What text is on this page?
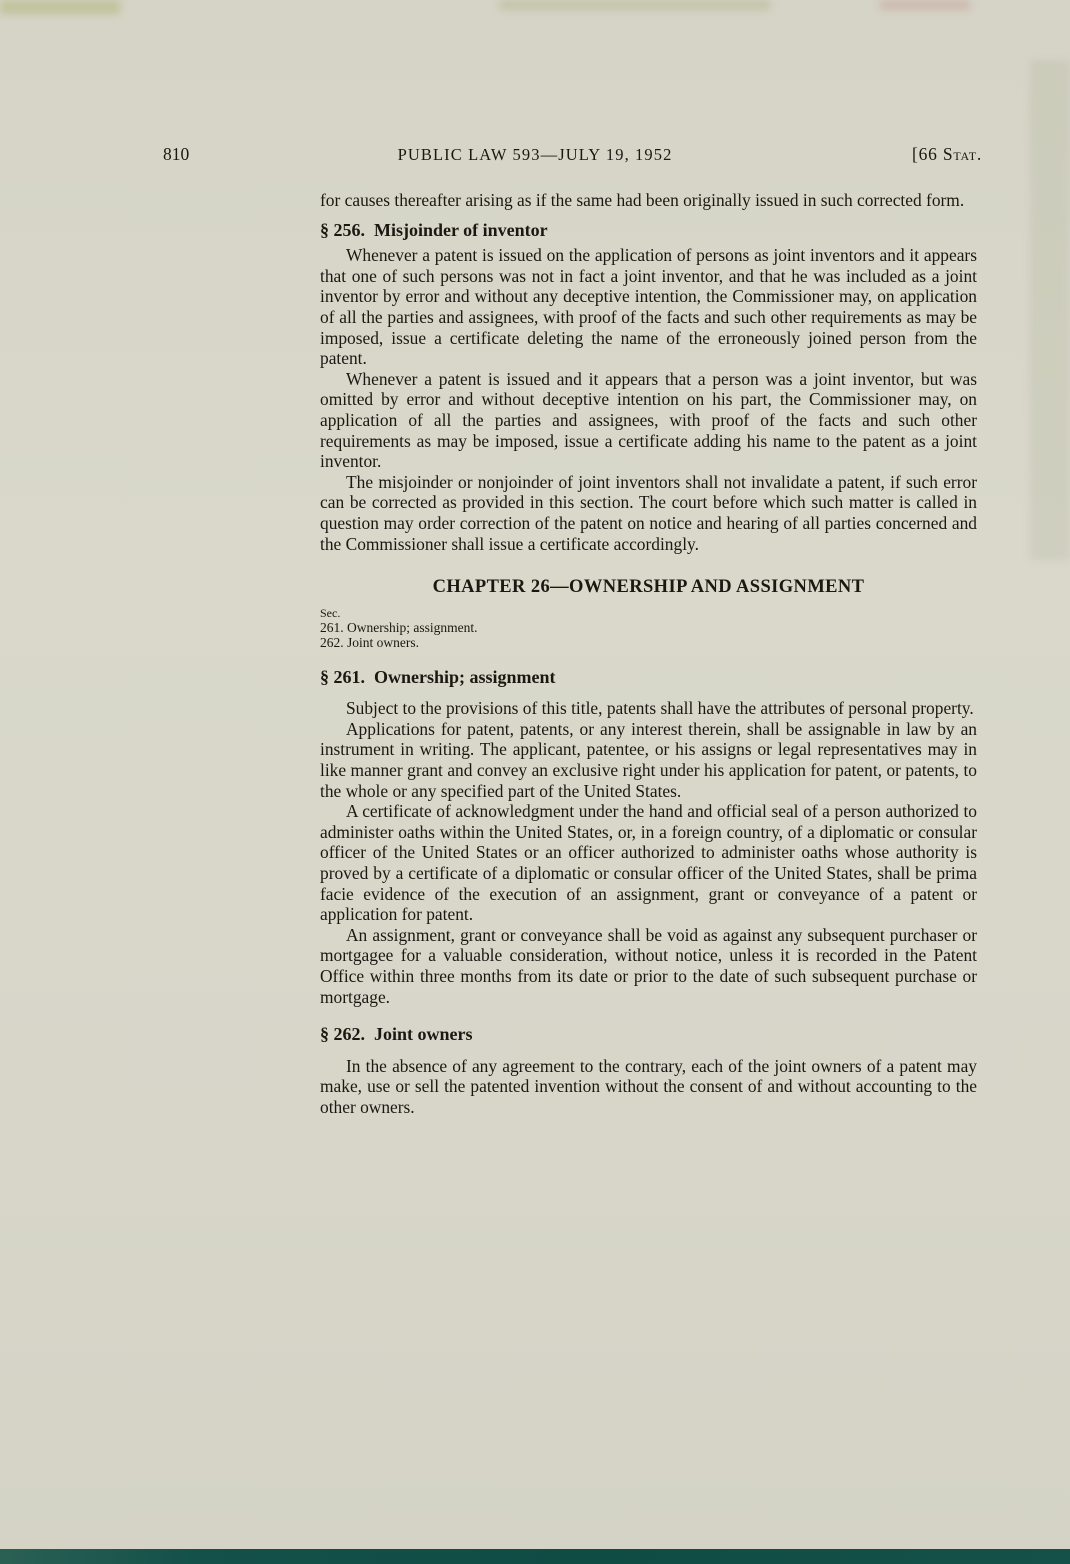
810	PUBLIC LAW 593—JULY 19, 1952	[66 Stat.

for causes thereafter arising as if the same had been originally issued in such corrected form.

§ 256. Misjoinder of inventor

Whenever a patent is issued on the application of persons as joint inventors and it appears that one of such persons was not in fact a joint inventor, and that he was included as a joint inventor by error and without any deceptive intention, the Commissioner may, on application of all the parties and assignees, with proof of the facts and such other requirements as may be imposed, issue a certificate deleting the name of the erroneously joined person from the patent.

Whenever a patent is issued and it appears that a person was a joint inventor, but was omitted by error and without deceptive intention on his part, the Commissioner may, on application of all the parties and assignees, with proof of the facts and such other requirements as may be imposed, issue a certificate adding his name to the patent as a joint inventor.

The misjoinder or nonjoinder of joint inventors shall not invalidate a patent, if such error can be corrected as provided in this section. The court before which such matter is called in question may order correction of the patent on notice and hearing of all parties concerned and the Commissioner shall issue a certificate accordingly.

CHAPTER 26—OWNERSHIP AND ASSIGNMENT
Sec.
261. Ownership; assignment.
262. Joint owners.
§ 261. Ownership; assignment

Subject to the provisions of this title, patents shall have the attributes of personal property.

Applications for patent, patents, or any interest therein, shall be assignable in law by an instrument in writing. The applicant, patentee, or his assigns or legal representatives may in like manner grant and convey an exclusive right under his application for patent, or patents, to the whole or any specified part of the United States.

A certificate of acknowledgment under the hand and official seal of a person authorized to administer oaths within the United States, or, in a foreign country, of a diplomatic or consular officer of the United States or an officer authorized to administer oaths whose authority is proved by a certificate of a diplomatic or consular officer of the United States, shall be prima facie evidence of the execution of an assignment, grant or conveyance of a patent or application for patent.

An assignment, grant or conveyance shall be void as against any subsequent purchaser or mortgagee for a valuable consideration, without notice, unless it is recorded in the Patent Office within three months from its date or prior to the date of such subsequent purchase or mortgage.

§ 262. Joint owners

In the absence of any agreement to the contrary, each of the joint owners of a patent may make, use or sell the patented invention without the consent of and without accounting to the other owners.
